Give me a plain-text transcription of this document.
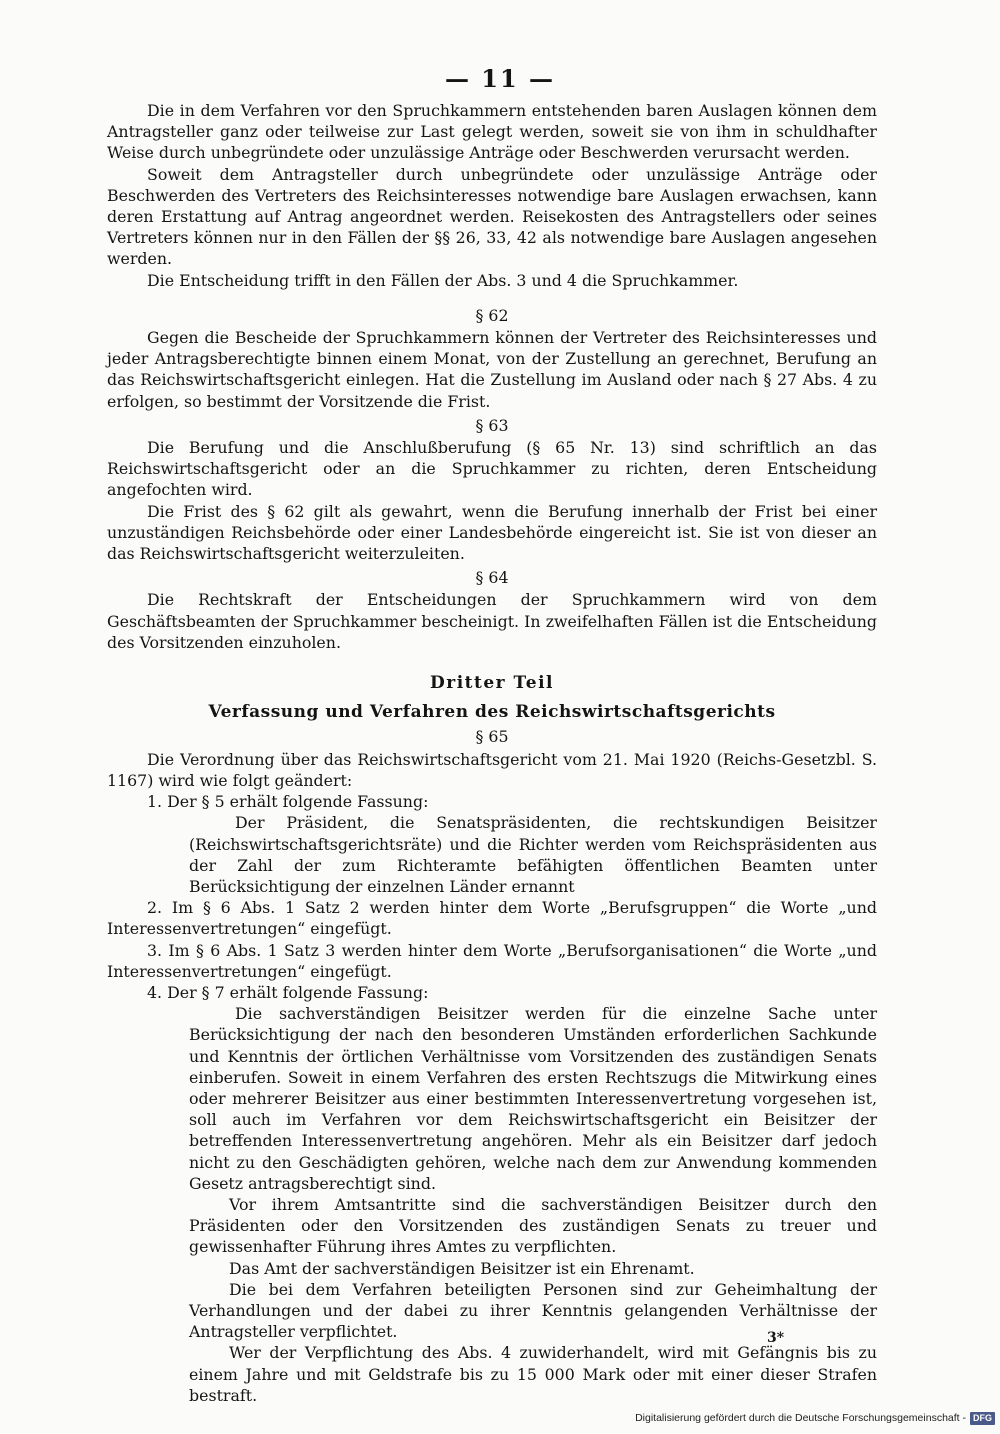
— 11 —

Die in dem Verfahren vor den Spruchkammern entstehenden baren Auslagen können dem Antragsteller ganz oder teilweise zur Last gelegt werden, soweit sie von ihm in schuldhafter Weise durch unbegründete oder unzulässige Anträge oder Beschwerden verursacht werden.

Soweit dem Antragsteller durch unbegründete oder unzulässige Anträge oder Beschwerden des Vertreters des Reichsinteresses notwendige bare Auslagen erwachsen, kann deren Erstattung auf Antrag angeordnet werden. Reisekosten des Antragstellers oder seines Vertreters können nur in den Fällen der §§ 26, 33, 42 als notwendige bare Auslagen angesehen werden.

Die Entscheidung trifft in den Fällen der Abs. 3 und 4 die Spruchkammer.

§ 62

Gegen die Bescheide der Spruchkammern können der Vertreter des Reichsinteresses und jeder Antragsberechtigte binnen einem Monat, von der Zustellung an gerechnet, Berufung an das Reichswirtschaftsgericht einlegen. Hat die Zustellung im Ausland oder nach § 27 Abs. 4 zu erfolgen, so bestimmt der Vorsitzende die Frist.

§ 63

Die Berufung und die Anschlußberufung (§ 65 Nr. 13) sind schriftlich an das Reichswirtschaftsgericht oder an die Spruchkammer zu richten, deren Entscheidung angefochten wird.

Die Frist des § 62 gilt als gewahrt, wenn die Berufung innerhalb der Frist bei einer unzuständigen Reichsbehörde oder einer Landesbehörde eingereicht ist. Sie ist von dieser an das Reichswirtschaftsgericht weiterzuleiten.

§ 64

Die Rechtskraft der Entscheidungen der Spruchkammern wird von dem Geschäftsbeamten der Spruchkammer bescheinigt. In zweifelhaften Fällen ist die Entscheidung des Vorsitzenden einzuholen.

Dritter Teil
Verfassung und Verfahren des Reichswirtschaftsgerichts
§ 65

Die Verordnung über das Reichswirtschaftsgericht vom 21. Mai 1920 (Reichs-Gesetzbl. S. 1167) wird wie folgt geändert:

1. Der § 5 erhält folgende Fassung:

Der Präsident, die Senatspräsidenten, die rechtskundigen Beisitzer (Reichswirtschaftsgerichtsräte) und die Richter werden vom Reichspräsidenten aus der Zahl der zum Richteramte befähigten öffentlichen Beamten unter Berücksichtigung der einzelnen Länder ernannt

2. Im § 6 Abs. 1 Satz 2 werden hinter dem Worte „Berufsgruppen“ die Worte „und Interessenvertretungen“ eingefügt.

3. Im § 6 Abs. 1 Satz 3 werden hinter dem Worte „Berufsorganisationen“ die Worte „und Interessenvertretungen“ eingefügt.

4. Der § 7 erhält folgende Fassung:

Die sachverständigen Beisitzer werden für die einzelne Sache unter Berücksichtigung der nach den besonderen Umständen erforderlichen Sachkunde und Kenntnis der örtlichen Verhältnisse vom Vorsitzenden des zuständigen Senats einberufen. Soweit in einem Verfahren des ersten Rechtszugs die Mitwirkung eines oder mehrerer Beisitzer aus einer bestimmten Interessenvertretung vorgesehen ist, soll auch im Verfahren vor dem Reichswirtschaftsgericht ein Beisitzer der betreffenden Interessenvertretung angehören. Mehr als ein Beisitzer darf jedoch nicht zu den Geschädigten gehören, welche nach dem zur Anwendung kommenden Gesetz antragsberechtigt sind.

Vor ihrem Amtsantritte sind die sachverständigen Beisitzer durch den Präsidenten oder den Vorsitzenden des zuständigen Senats zu treuer und gewissenhafter Führung ihres Amtes zu verpflichten.

Das Amt der sachverständigen Beisitzer ist ein Ehrenamt.

Die bei dem Verfahren beteiligten Personen sind zur Geheimhaltung der Verhandlungen und der dabei zu ihrer Kenntnis gelangenden Verhältnisse der Antragsteller verpflichtet.

Wer der Verpflichtung des Abs. 4 zuwiderhandelt, wird mit Gefängnis bis zu einem Jahre und mit Geldstrafe bis zu 15 000 Mark oder mit einer dieser Strafen bestraft.

3*
Digitalisierung gefördert durch die Deutsche Forschungsgemeinschaft - DFG
